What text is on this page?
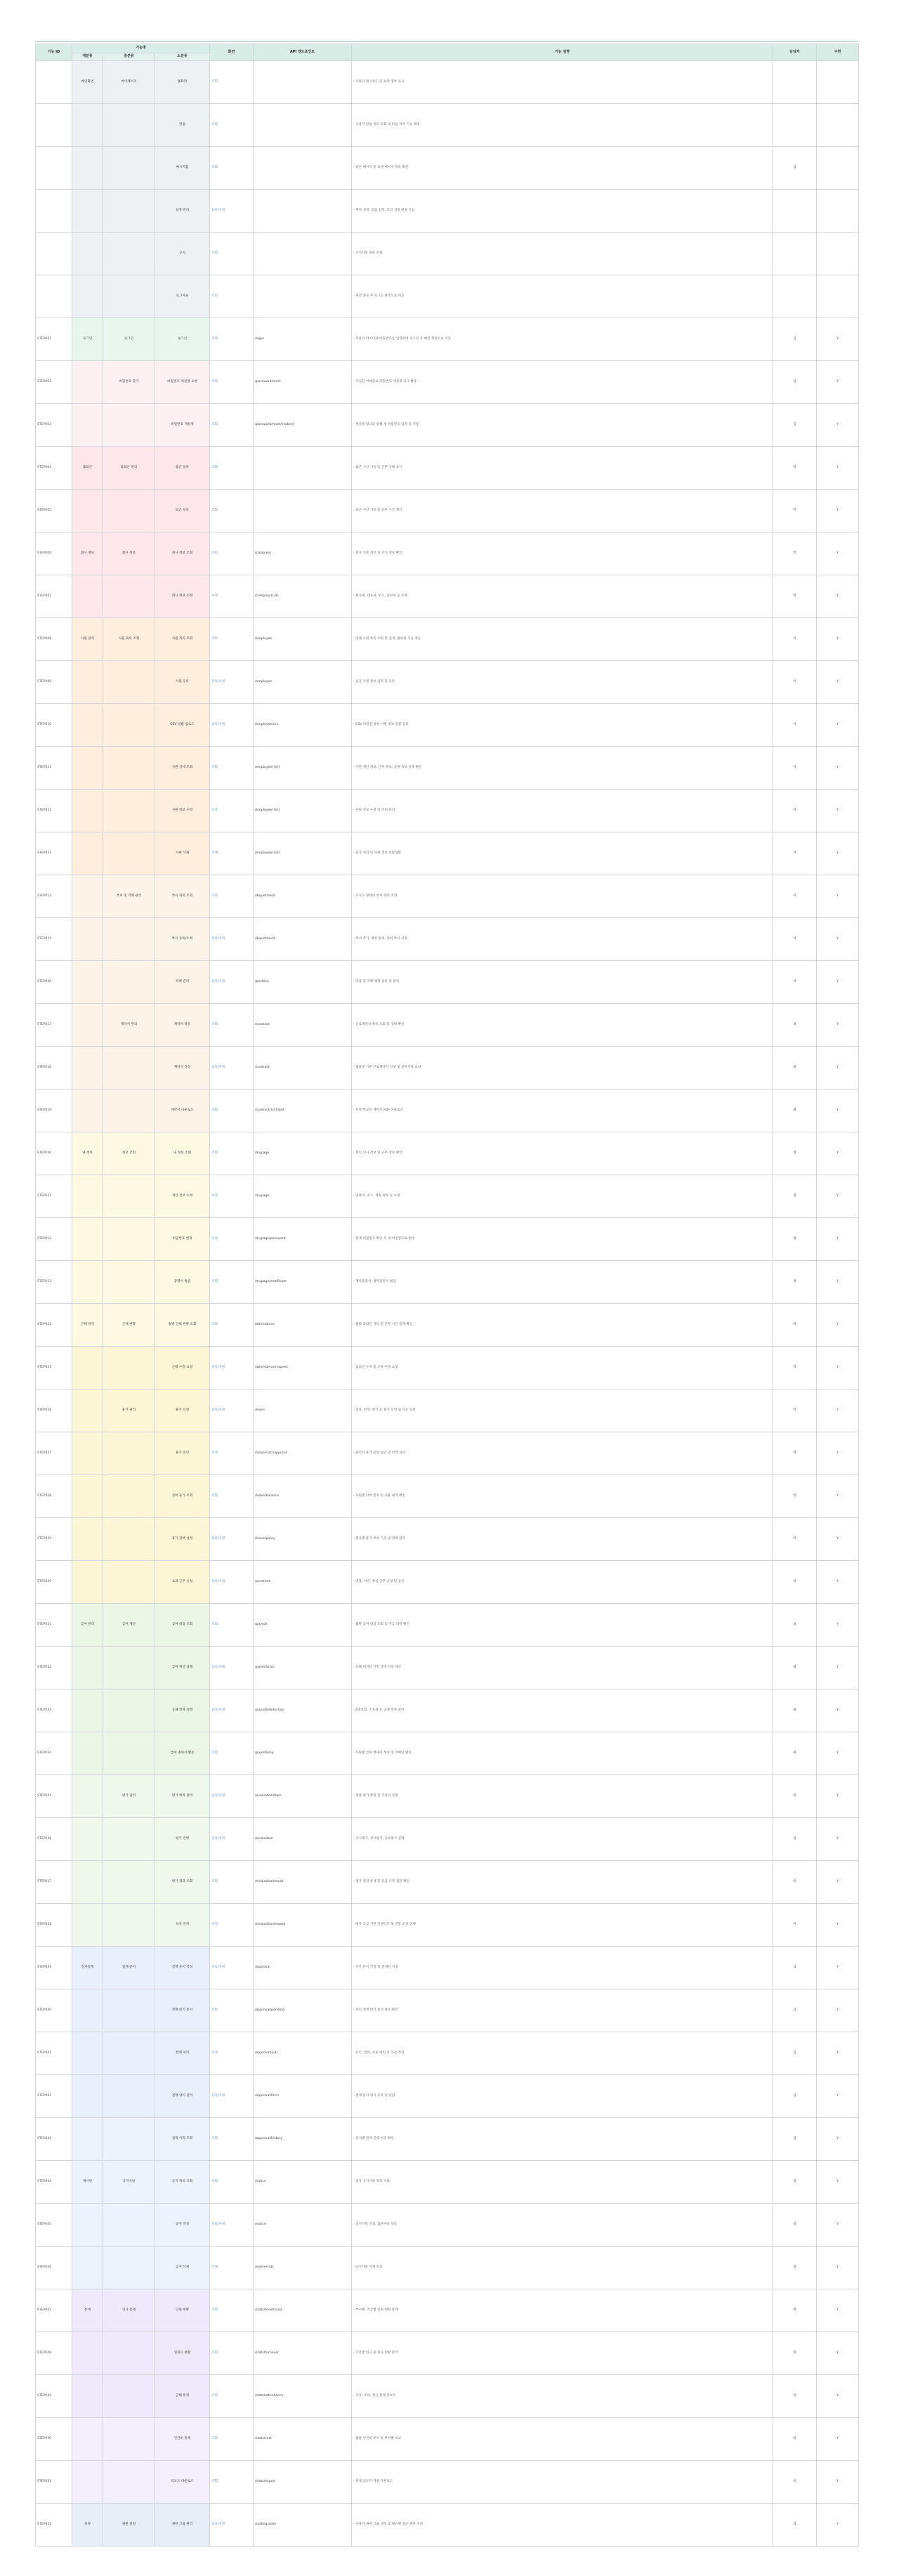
기능 ID	기능명			화면	API 엔드포인트	기능 설명	담당자	구현
	대분류	중분류	소분류					
	메인화면	마이페이지	홈화면	조회		- 사용자 대시보드 및 요약 정보 표시		
			알림	조회		- 사용자 알림 목록 조회 및 읽음 처리 기능 제공		
			메시지함	조회		- 받은 메시지 및 보낸 메시지 목록 확인	김	
			설정 관리	등록/수정		- 계정 설정, 알림 설정, 보안 설정 변경 기능		
			공지	조회		- 공지사항 목록 조회		
			로그아웃	조회		- 세션 종료 후 로그인 화면으로 이동		
STEP001	로그인	로그인	로그인	조회	/login	- 사용자 아이디와 비밀번호를 입력하여 로그인 후 메인 화면으로 이동	김	Y
STEP002		비밀번호 찾기	비밀번호 재설정 요청	조회	/password/reset	- 가입된 이메일로 비밀번호 재설정 링크 발송	김	Y
STEP003			비밀번호 재설정	조회	/password/reset/{token}	- 재설정 링크를 통해 새 비밀번호 입력 및 저장	김	Y
STEP004	출퇴근	출퇴근 관리	출근 등록	조회		- 출근 시간 기록 및 근무 상태 표시	박	Y
STEP005			퇴근 등록	조회		- 퇴근 시간 기록 및 근무 시간 계산	박	Y
STEP006	회사 정보	회사 정보	회사 정보 조회	조회	/company	- 회사 기본 정보 및 조직 정보 확인	박	Y
STEP007			회사 정보 수정	수정	/company/{id}	- 회사명, 대표자, 주소, 연락처 등 수정	박	Y
STEP008	사원 관리	사원 목록 조회	사원 목록 조회	조회	/employee	- 전체 사원 목록 조회 및 검색, 필터링 기능 제공	이	Y
STEP009			사원 등록	등록/수정	/employee	- 신규 사원 정보 입력 및 등록	이	Y
STEP010			CSV 일괄 업로드	등록/수정	/employee/csv	- CSV 파일을 통한 사원 정보 일괄 등록	이	Y
STEP011			사원 상세 조회	조회	/employee/{id}	- 사원 개인 정보, 근무 정보, 급여 정보 상세 확인	이	Y
STEP012			사원 정보 수정	수정	/employee/{id}	- 사원 정보 수정 및 이력 관리	이	Y
STEP013			사원 삭제	삭제	/employee/{id}	- 퇴사 처리 및 사원 정보 비활성화	이	Y
STEP014		부서 및 직책 관리	부서 목록 조회	조회	/department	- 조직도 형태의 부서 목록 조회	이	Y
STEP015			부서 등록/수정	등록/수정	/department	- 부서 추가, 명칭 변경, 상위 부서 지정	이	Y
STEP016			직책 관리	등록/수정	/position	- 직급 및 직책 체계 등록 및 관리	이	Y
STEP017		계약서 관리	계약서 목록	조회	/contract	- 근로계약서 목록 조회 및 상태 확인	최	Y
STEP018			계약서 작성	등록/수정	/contract	- 템플릿 기반 근로계약서 작성 및 전자서명 요청	최	Y
STEP019			계약서 다운로드	조회	/contract/{id}/pdf	- 서명 완료된 계약서 PDF 다운로드	최	Y
STEP020	내 정보	정보 조회	내 정보 조회	조회	/mypage	- 본인 인사 정보 및 근무 정보 확인	정	Y
STEP021			개인 정보 수정	수정	/mypage	- 연락처, 주소, 계좌 정보 등 수정	정	Y
STEP022			비밀번호 변경	수정	/mypage/password	- 현재 비밀번호 확인 후 새 비밀번호로 변경	정	Y
STEP023			증명서 발급	조회	/mypage/certificate	- 재직증명서, 경력증명서 발급	정	Y
STEP024	근태 관리	근태 현황	월별 근태 현황 조회	조회	/attendance	- 월별 출퇴근 기록 및 근무 시간 통계 확인	박	Y
STEP025			근태 수정 요청	등록/수정	/attendance/request	- 출퇴근 누락 및 오류 수정 요청	박	Y
STEP026		휴가 관리	휴가 신청	등록/수정	/leave	- 연차, 반차, 병가 등 휴가 신청 및 사유 입력	박	Y
STEP027			휴가 승인	수정	/leave/{id}/approve	- 관리자 휴가 신청 승인 및 반려 처리	박	Y
STEP028			잔여 휴가 조회	조회	/leave/balance	- 사원별 잔여 연차 및 사용 내역 확인	박	Y
STEP029			휴가 정책 설정	등록/수정	/leave/policy	- 회사별 휴가 부여 기준 및 정책 관리	박	Y
STEP030			초과 근무 신청	등록/수정	/overtime	- 연장, 야간, 휴일 근무 신청 및 승인	박	Y
STEP031	급여 관리	급여 계산	급여 대장 조회	조회	/payroll	- 월별 급여 대장 조회 및 지급 내역 확인	최	Y
STEP032			급여 계산 실행	등록/수정	/payroll/calc	- 근태 데이터 기반 급여 자동 계산	최	Y
STEP033			공제 항목 설정	등록/수정	/payroll/deduction	- 4대보험, 소득세 등 공제 항목 관리	최	Y
STEP034			급여 명세서 발송	조회	/payroll/slip	- 사원별 급여 명세서 생성 및 이메일 발송	최	Y
STEP035		평가 관리	평가 항목 관리	등록/수정	/evaluation/item	- 성과 평가 항목 및 가중치 설정	한	Y
STEP036			평가 진행	등록/수정	/evaluation	- 자기평가, 상사평가, 동료평가 진행	한	Y
STEP037			평가 결과 조회	조회	/evaluation/result	- 평가 결과 통계 및 등급 산정 결과 확인	한	Y
STEP038			보상 연계	수정	/evaluation/reward	- 평가 등급 기반 인센티브 및 연봉 조정 연계	한	Y
STEP039	전자결재	결재 문서	결재 문서 작성	등록/수정	/approval	- 기안 문서 작성 및 결재선 지정	김	Y
STEP040			결재 대기 문서	조회	/approval/pending	- 본인 결재 대기 문서 목록 확인	김	Y
STEP041			결재 처리	수정	/approval/{id}	- 승인, 반려, 보류 처리 및 의견 작성	김	Y
STEP042			결재 양식 관리	등록/수정	/approval/form	- 결재 문서 양식 등록 및 편집	김	Y
STEP043			결재 이력 조회	조회	/approval/history	- 문서별 결재 진행 이력 확인	김	Y
STEP044	게시판	공지사항	공지 목록 조회	조회	/notice	- 전사 공지사항 목록 조회	정	Y
STEP045			공지 작성	등록/수정	/notice	- 공지사항 작성, 첨부파일 등록	정	Y
STEP046			공지 삭제	삭제	/notice/{id}	- 공지사항 삭제 처리	정	Y
STEP047	통계	인사 통계	인원 현황	조회	/stats/headcount	- 부서별, 직급별 인원 현황 통계	한	Y
STEP048			입퇴사 현황	조회	/stats/turnover	- 기간별 입사 및 퇴사 현황 분석	한	Y
STEP049			근태 통계	조회	/stats/attendance	- 지각, 조퇴, 결근 통계 리포트	한	Y
STEP050			인건비 통계	조회	/stats/cost	- 월별 인건비 추이 및 부서별 비교	한	Y
STEP051			리포트 다운로드	조회	/stats/export	- 통계 리포트 엑셀 다운로드	한	Y
STEP052	설정	권한 설정	권한 그룹 관리	등록/수정	/settings/role	- 사용자 권한 그룹 생성 및 메뉴별 접근 권한 지정	김	Y
